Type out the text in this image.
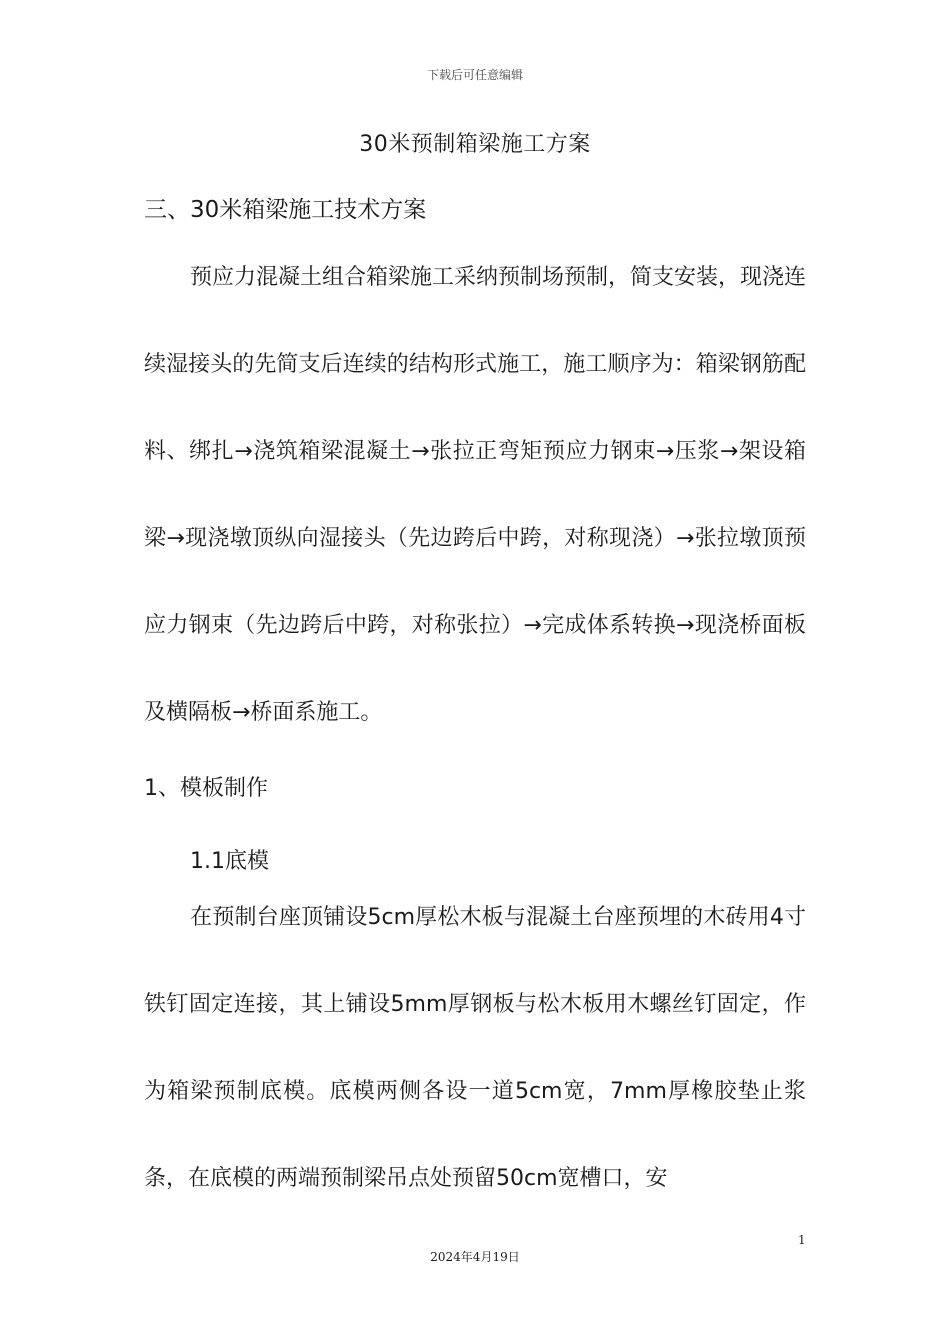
下载后可任意编辑
30米预制箱梁施工方案
三、30米箱梁施工技术方案
预应力混凝土组合箱梁施工采纳预制场预制，简支安装，现浇连续湿接头的先简支后连续的结构形式施工，施工顺序为：箱梁钢筋配料、绑扎→浇筑箱梁混凝土→张拉正弯矩预应力钢束→压浆→架设箱梁→现浇墩顶纵向湿接头（先边跨后中跨，对称现浇）→张拉墩顶预应力钢束（先边跨后中跨，对称张拉）→完成体系转换→现浇桥面板及横隔板→桥面系施工。
1、模板制作
1.1底模
在预制台座顶铺设5cm厚松木板与混凝土台座预埋的木砖用4寸铁钉固定连接，其上铺设5mm厚钢板与松木板用木螺丝钉固定，作为箱梁预制底模。底模两侧各设一道5cm宽，7mm厚橡胶垫止浆条，在底模的两端预制梁吊点处预留50cm宽槽口，安
1
2024年4月19日
